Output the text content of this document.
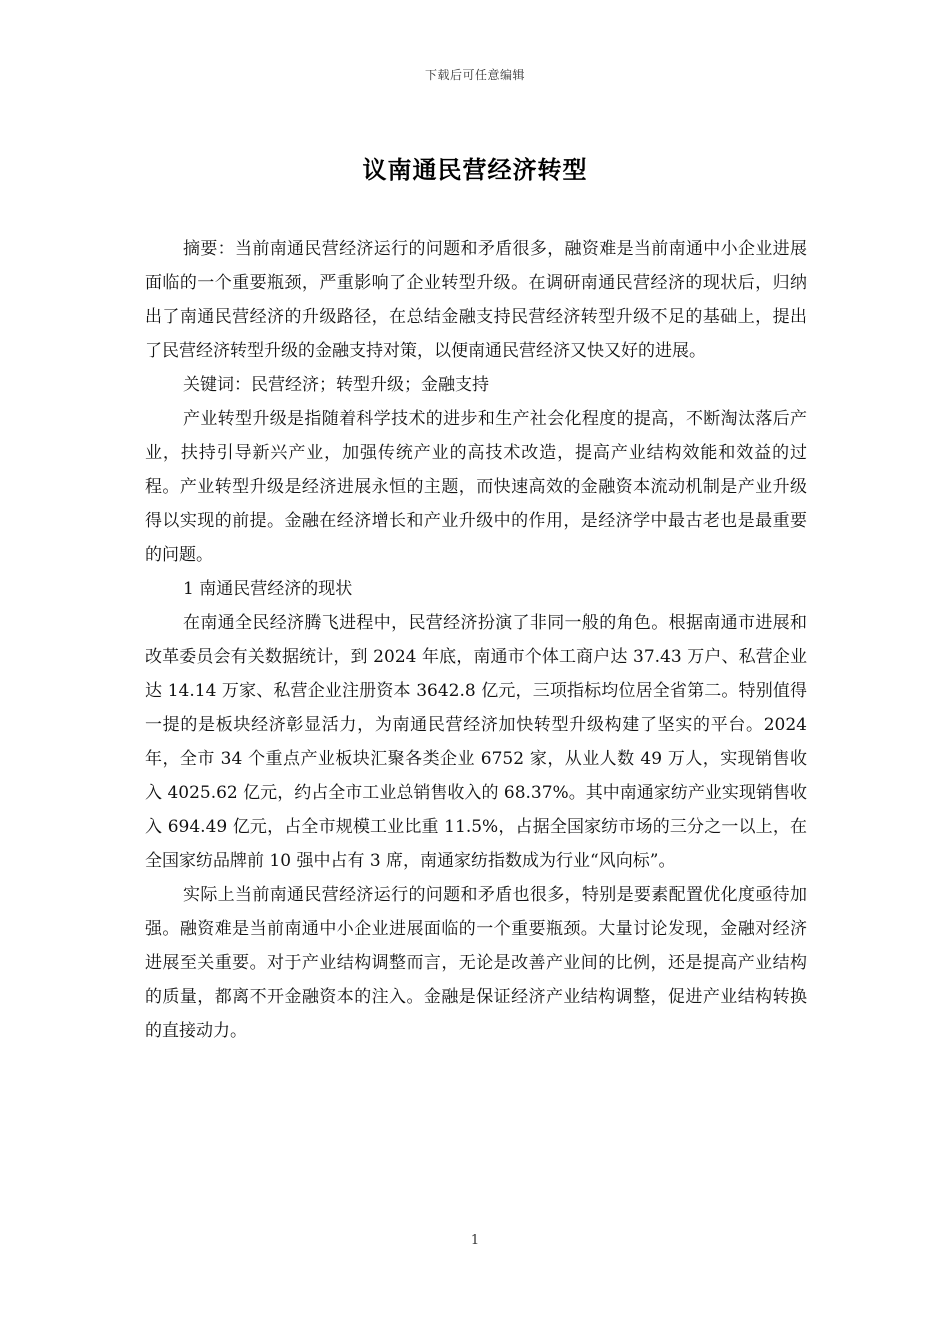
下载后可任意编辑
议南通民营经济转型

摘要：当前南通民营经济运行的问题和矛盾很多，融资难是当前南通中小企业进展面临的一个重要瓶颈，严重影响了企业转型升级。在调研南通民营经济的现状后，归纳出了南通民营经济的升级路径，在总结金融支持民营经济转型升级不足的基础上，提出了民营经济转型升级的金融支持对策，以便南通民营经济又快又好的进展。

关键词：民营经济；转型升级；金融支持

产业转型升级是指随着科学技术的进步和生产社会化程度的提高，不断淘汰落后产业，扶持引导新兴产业，加强传统产业的高技术改造，提高产业结构效能和效益的过程。产业转型升级是经济进展永恒的主题，而快速高效的金融资本流动机制是产业升级得以实现的前提。金融在经济增长和产业升级中的作用，是经济学中最古老也是最重要的问题。

1 南通民营经济的现状

在南通全民经济腾飞进程中，民营经济扮演了非同一般的角色。根据南通市进展和改革委员会有关数据统计，到 2024 年底，南通市个体工商户达 37.43 万户、私营企业达 14.14 万家、私营企业注册资本 3642.8 亿元，三项指标均位居全省第二。特别值得一提的是板块经济彰显活力，为南通民营经济加快转型升级构建了坚实的平台。2024 年，全市 34 个重点产业板块汇聚各类企业 6752 家，从业人数 49 万人，实现销售收入 4025.62 亿元，约占全市工业总销售收入的 68.37%。其中南通家纺产业实现销售收入 694.49 亿元，占全市规模工业比重 11.5%，占据全国家纺市场的三分之一以上，在全国家纺品牌前 10 强中占有 3 席，南通家纺指数成为行业“风向标”。

实际上当前南通民营经济运行的问题和矛盾也很多，特别是要素配置优化度亟待加强。融资难是当前南通中小企业进展面临的一个重要瓶颈。大量讨论发现，金融对经济进展至关重要。对于产业结构调整而言，无论是改善产业间的比例，还是提高产业结构的质量，都离不开金融资本的注入。金融是保证经济产业结构调整，促进产业结构转换的直接动力。

1
